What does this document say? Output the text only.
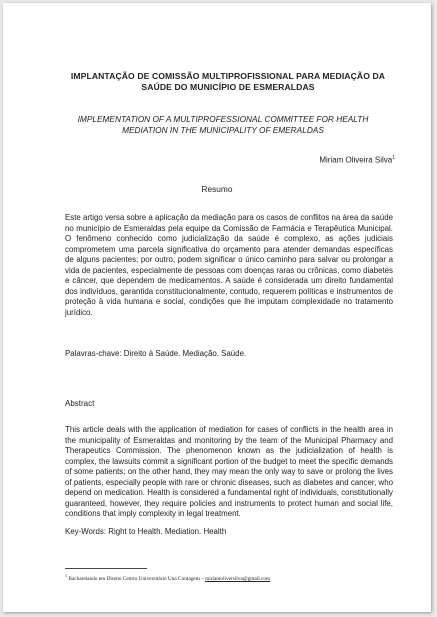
IMPLANTAÇÃO DE COMISSÃO MULTIPROFISSIONAL PARA MEDIAÇÃO DA SAÚDE DO MUNICÍPIO DE ESMERALDAS
IMPLEMENTATION OF A MULTIPROFESSIONAL COMMITTEE FOR HEALTH MEDIATION IN THE MUNICIPALITY OF EMERALDAS
Miriam Oliveira Silva$^1$
Resumo
Este artigo versa sobre a aplicação da mediação para os casos de conflitos na área da saúde no município de Esmeraldas pela equipe da Comissão de Farmácia e Terapêutica Municipal. O fenômeno conhecido como judicialização da saúde é complexo, as ações judiciais comprometem uma parcela significativa do orçamento para atender demandas específicas de alguns pacientes; por outro, podem significar o único caminho para salvar ou prolongar a vida de pacientes, especialmente de pessoas com doenças raras ou crônicas, como diabetes e câncer, que dependem de medicamentos. A saúde é considerada um direito fundamental dos indivíduos, garantida constitucionalmente, contudo, requerem políticas e instrumentos de proteção à vida humana e social, condições que lhe imputam complexidade no tratamento jurídico.
Palavras-chave: Direito à Saúde. Mediação. Saúde.
Abstract
This article deals with the application of mediation for cases of conflicts in the health area in the municipality of Esmeraldas and monitoring by the team of the Municipal Pharmacy and Therapeutics Commission. The phenomenon known as the judicialization of health is complex, the lawsuits commit a significant portion of the budget to meet the specific demands of some patients; on the other hand, they may mean the only way to save or prolong the lives of patients, especially people with rare or chronic diseases, such as diabetes and cancer, who depend on medication. Health is considered a fundamental right of individuals, constitutionally guaranteed, however, they require policies and instruments to protect human and social life, conditions that imply complexity in legal treatment.
Key-Words: Right to Health. Mediation. Health
$^1$ Bacharelando em Direito Centro Universitário Una Contagem – miriamoliversilva@gmail.com
